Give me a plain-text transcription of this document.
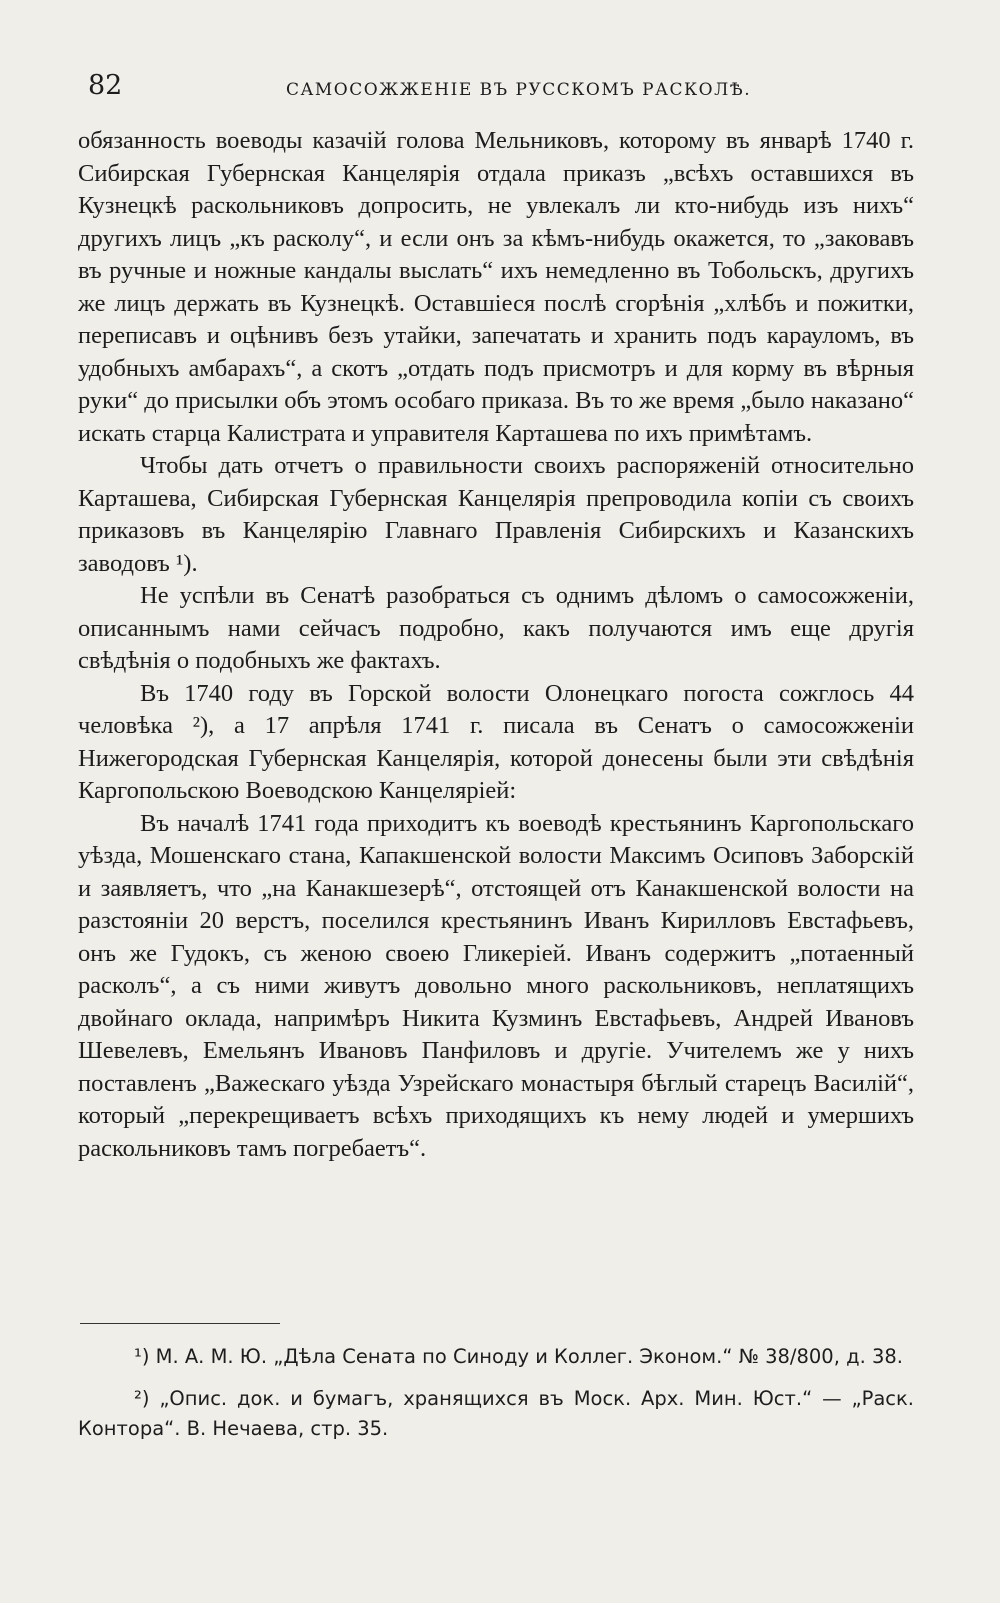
82	САМОСОЖЖЕНIЕ ВЪ РУССКОМЪ РАСКОЛѢ.

обязанность воеводы казачiй голова Мельниковъ, которому въ январѣ 1740 г. Сибирская Губернская Канцелярiя отдала приказъ „всѣхъ оставшихся въ Кузнецкѣ раскольниковъ допросить, не увлекалъ ли кто-нибудь изъ нихъ“ другихъ лицъ „къ расколу“, и если онъ за кѣмъ-нибудь окажется, то „заковавъ въ ручные и ножные кандалы выслать“ ихъ немедленно въ Тобольскъ, другихъ же лицъ держать въ Кузнецкѣ. Оставшiеся послѣ сгорѣнiя „хлѣбъ и пожитки, переписавъ и оцѣнивъ безъ утайки, запечатать и хранить подъ карауломъ, въ удобныхъ амбарахъ“, а скотъ „отдать подъ присмотръ и для корму въ вѣрныя руки“ до присылки объ этомъ особаго приказа. Въ то же время „было наказано“ искать старца Калистрата и управителя Карташева по ихъ примѣтамъ.

Чтобы дать отчетъ о правильности своихъ распоряженiй относительно Карташева, Сибирская Губернская Канцелярiя препроводила копiи съ своихъ приказовъ въ Канцелярiю Главнаго Правленiя Сибирскихъ и Казанскихъ заводовъ ¹).

Не успѣли въ Сенатѣ разобраться съ однимъ дѣломъ о самосожженiи, описаннымъ нами сейчасъ подробно, какъ получаются имъ еще другiя свѣдѣнiя о подобныхъ же фактахъ.

Въ 1740 году въ Горской волости Олонецкаго погоста сожглось 44 человѣка ²), а 17 апрѣля 1741 г. писала въ Сенатъ о самосожженiи Нижегородская Губернская Канцелярiя, которой донесены были эти свѣдѣнiя Каргопольскою Воеводскою Канцелярiей:

Въ началѣ 1741 года приходитъ къ воеводѣ крестьянинъ Каргопольскаго уѣзда, Мошенскаго стана, Капакшенской волости Максимъ Осиповъ Заборскiй и заявляетъ, что „на Канакшезерѣ“, отстоящей отъ Канакшенской волости на разстоянiи 20 верстъ, поселился крестьянинъ Иванъ Кирилловъ Евстафьевъ, онъ же Гудокъ, съ женою своею Гликерiей. Иванъ содержитъ „потаенный расколъ“, а съ ними живутъ довольно много раскольниковъ, неплатящихъ двойнаго оклада, напримѣръ Никита Кузминъ Евстафьевъ, Андрей Ивановъ Шевелевъ, Емельянъ Ивановъ Панфиловъ и другiе. Учителемъ же у нихъ поставленъ „Важескаго уѣзда Узрейскаго монастыря бѣглый старецъ Василiй“, который „перекрещиваетъ всѣхъ приходящихъ къ нему людей и умершихъ раскольниковъ тамъ погребаетъ“.

¹) М. А. М. Ю. „Дѣла Сената по Синоду и Коллег. Эконом.“ № 38/800, д. 38.

²) „Опис. док. и бумагъ, хранящихся въ Моск. Арх. Мин. Юст.“ — „Раск. Контора“. В. Нечаева, стр. 35.
